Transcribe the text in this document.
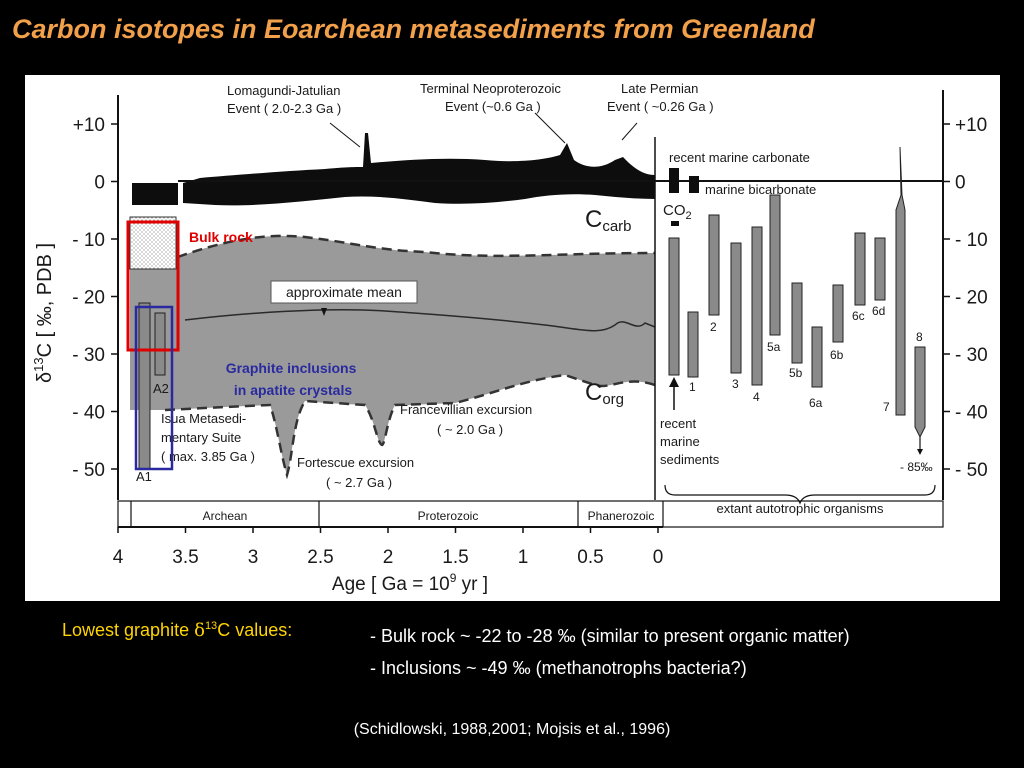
Carbon isotopes in Eoarchean metasediments from Greenland
+10
0
- 10
- 20
- 30
- 40
- 50
+10
0
- 10
- 20
- 30
- 40
- 50
4	3.5	3	2.5	2	1.5	1	0.5	0
$\delta^{13}C$ [ ‰, PDB ]
Age [ $Ga = 10^9$ yr ]
Archean	Proterozoic	Phanerozoic
Lomagundi-Jatulian Event ( 2.0-2.3 Ga )
Terminal Neoproterozoic Event (~0.6 Ga )
Late Permian Event ( ~0.26 Ga )
Ccarb
Corg
approximate mean
A2
A1
Isua Metasedi- mentary Suite ( max. 3.85 Ga )	Fortescue excursion ( ~ 2.7 Ga )
Francevillian excursion ( ~ 2.0 Ga )
recent marine carbonate
marine bicarbonate
$CO_2$
recent marine sediments
extant autotrophic organisms
- 85‰
1
2
3
4
5a
5b
6a
6b
6c 6d
7
8
Bulk rock
Graphite inclusions in apatite crystals
Lowest graphite $\delta^{13}C$ values:	- Bulk rock ~ -22 to -28 ‰ (similar to present organic matter)
- Inclusions ~ -49 ‰ (methanotrophs bacteria?)
(Schidlowski, 1988,2001; Mojsis et al., 1996)
